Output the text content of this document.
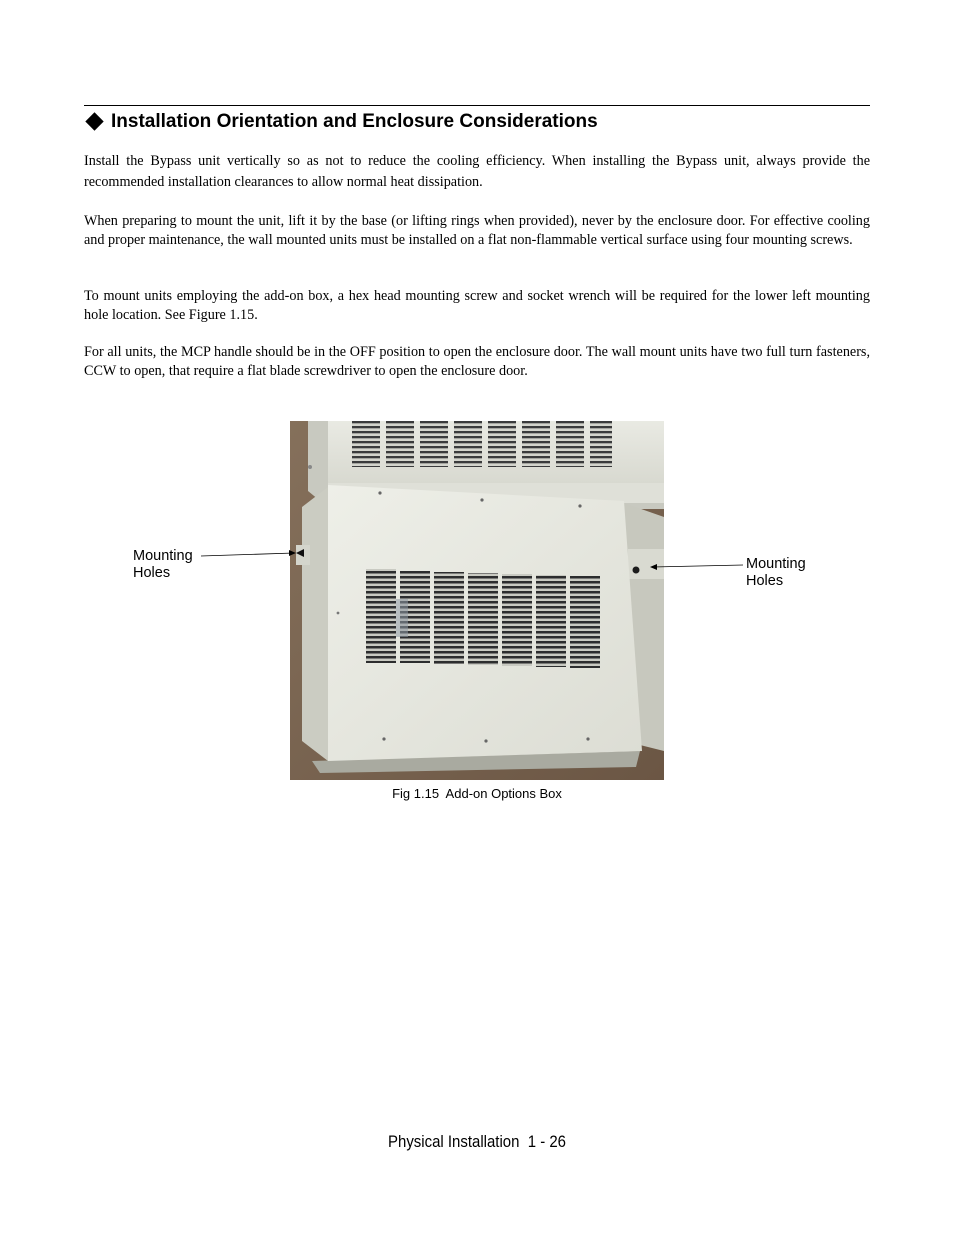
Installation Orientation and Enclosure Considerations

Install the Bypass unit vertically so as not to reduce the cooling efficiency. When installing the Bypass unit, always provide the recommended installation clearances to allow normal heat dissipation.

When preparing to mount the unit, lift it by the base (or lifting rings when provided), never by the enclosure door. For effective cooling and proper maintenance, the wall mounted units must be installed on a flat non-flammable vertical surface using four mounting screws.

To mount units employing the add-on box, a hex head mounting screw and socket wrench will be required for the lower left mounting hole location. See Figure 1.15.

For all units, the MCP handle should be in the OFF position to open the enclosure door. The wall mount units have two full turn fasteners, CCW to open, that require a flat blade screwdriver to open the enclosure door.

Mounting
Holes
Mounting
Holes
Fig 1.15  Add-on Options Box
Physical Installation  1 - 26
